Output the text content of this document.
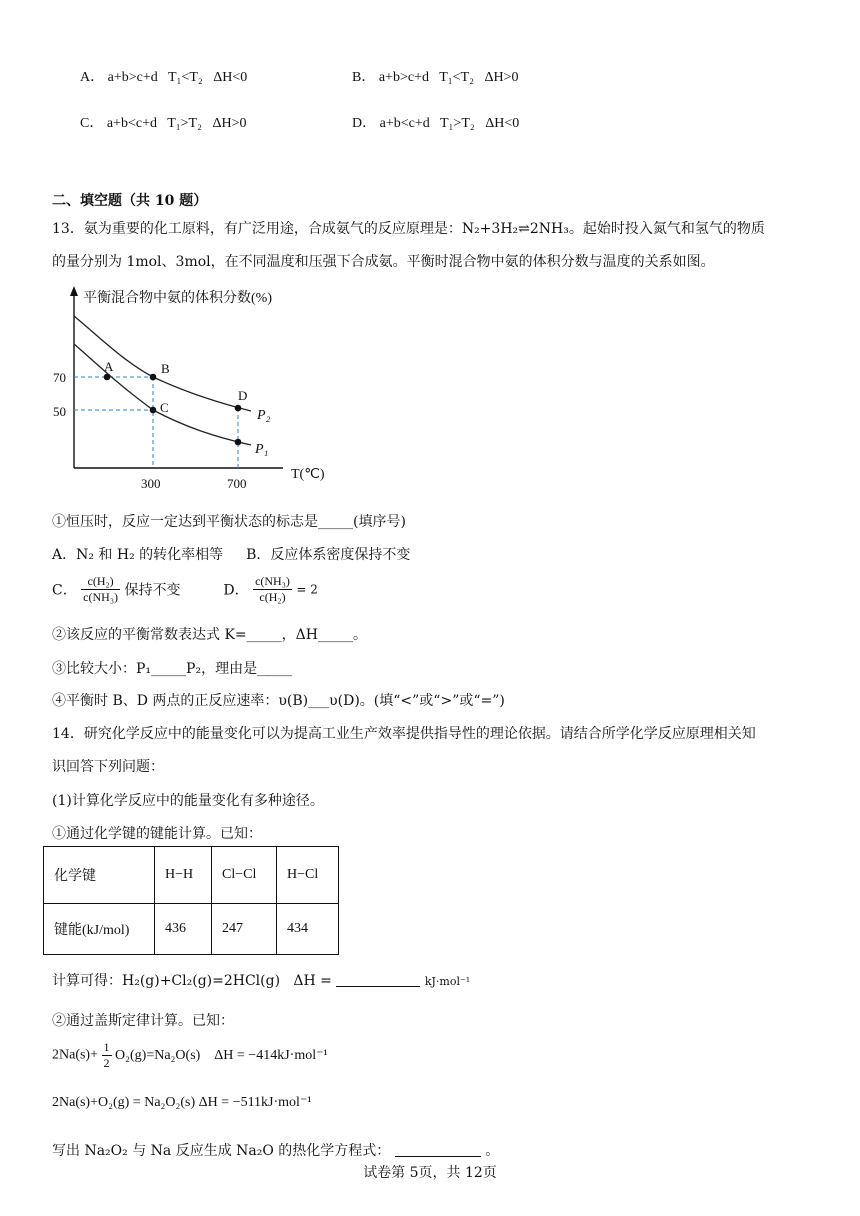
A． a+b>c+d   T₁<T₂   ΔH<0	B． a+b>c+d   T₁<T₂   ΔH>0
C． a+b<c+d   T₁>T₂   ΔH>0	D． a+b<c+d   T₁>T₂   ΔH<0
二、填空题（共 10 题）
13．氨为重要的化工原料，有广泛用途，合成氨气的反应原理是：N₂+3H₂⇌2NH₃。起始时投入氮气和氢气的物质
的量分别为 1mol、3mol，在不同温度和压强下合成氨。平衡时混合物中氨的体积分数与温度的关系如图。
平衡混合物中氨的体积分数(%)
T(℃)
70
50
300	700
A	B
C
D
P₂
P₁
①恒压时，反应一定达到平衡状态的标志是_____(填序号)
A．N₂ 和 H₂ 的转化率相等 B．反应体系密度保持不变
C． $\frac{\text{c(H₂)}}{\text{c(NH₃)}}$ 保持不变	D． $\frac{\text{c(NH₃)}}{\text{c(H₂)}} = 2$
②该反应的平衡常数表达式 K=_____，ΔH_____。
③比较大小：P₁_____P₂，理由是_____
④平衡时 B、D 两点的正反应速率：υ(B)___υ(D)。(填“<”或“>”或“=”)
14．研究化学反应中的能量变化可以为提高工业生产效率提供指导性的理论依据。请结合所学化学反应原理相关知
识回答下列问题：
(1)计算化学反应中的能量变化有多种途径。
①通过化学键的键能计算。已知：
化学键	H−H	Cl−Cl	H−Cl
键能(kJ/mol)	436	247	434
计算可得：H₂(g)+Cl₂(g)=2HCl(g)   ΔH =	kJ·mol⁻¹
②通过盖斯定律计算。已知：
$2Na(s)+ \frac{1}{2} O_2(g)=Na_2O(s)$    ΔH = −414kJ·mol⁻¹
2Na(s)+O₂(g) = Na₂O₂(s) ΔH = −511kJ·mol⁻¹
写出 Na₂O₂ 与 Na 反应生成 Na₂O 的热化学方程式：	。
试卷第 5页，共 12页
